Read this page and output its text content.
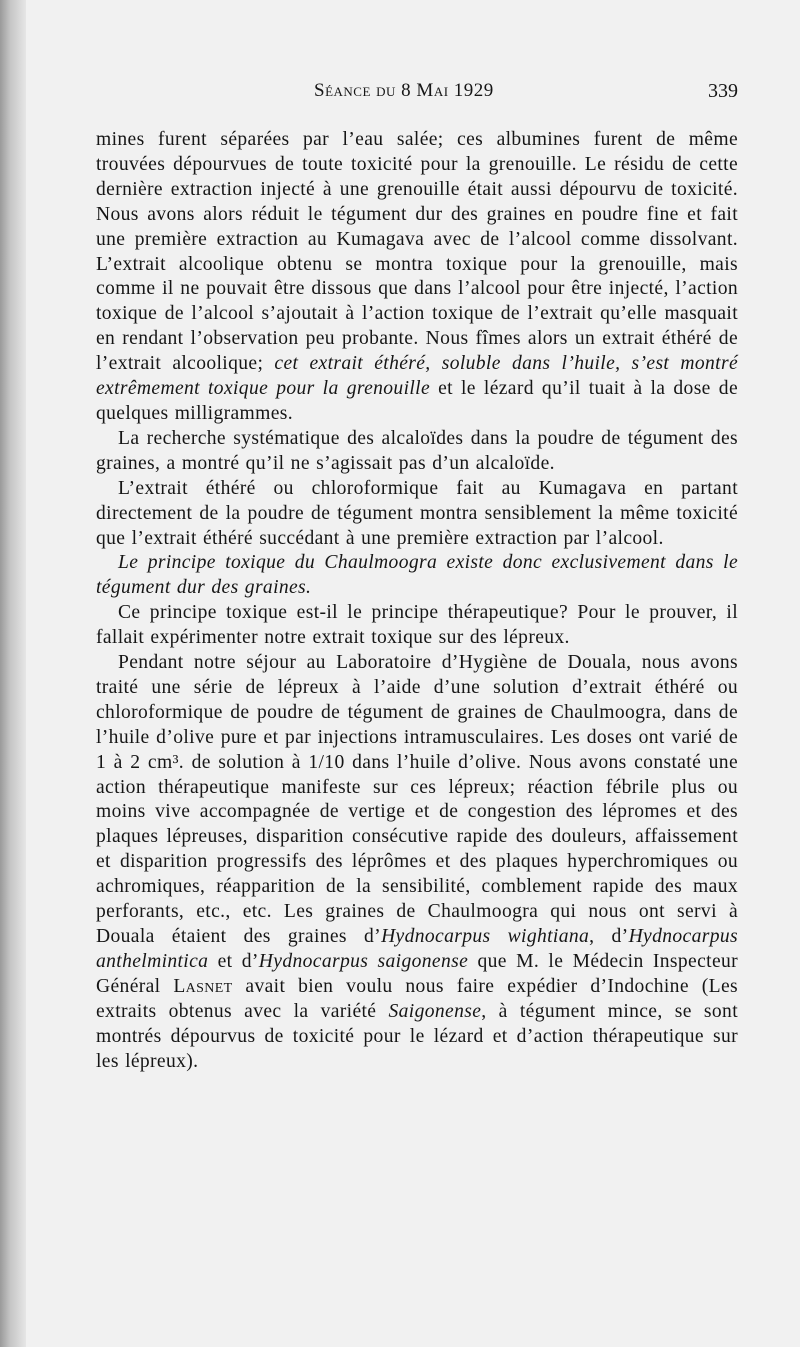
Séance du 8 Mai 1929	339

mines furent séparées par l’eau salée; ces albumines furent de même trouvées dépourvues de toute toxicité pour la grenouille. Le résidu de cette dernière extraction injecté à une grenouille était aussi dépourvu de toxicité. Nous avons alors réduit le tégument dur des graines en poudre fine et fait une première extraction au Kumagava avec de l’alcool comme dissolvant. L’extrait alcoolique obtenu se montra toxique pour la grenouille, mais comme il ne pouvait être dissous que dans l’alcool pour être injecté, l’action toxique de l’alcool s’ajoutait à l’action toxique de l’extrait qu’elle masquait en rendant l’observation peu probante. Nous fîmes alors un extrait éthéré de l’extrait alcoolique; cet extrait éthéré, soluble dans l’huile, s’est montré extrêmement toxique pour la grenouille et le lézard qu’il tuait à la dose de quelques milligrammes.

La recherche systématique des alcaloïdes dans la poudre de tégument des graines, a montré qu’il ne s’agissait pas d’un alcaloïde.

L’extrait éthéré ou chloroformique fait au Kumagava en partant directement de la poudre de tégument montra sensiblement la même toxicité que l’extrait éthéré succédant à une première extraction par l’alcool.

Le principe toxique du Chaulmoogra existe donc exclusivement dans le tégument dur des graines.

Ce principe toxique est-il le principe thérapeutique? Pour le prouver, il fallait expérimenter notre extrait toxique sur des lépreux.

Pendant notre séjour au Laboratoire d’Hygiène de Douala, nous avons traité une série de lépreux à l’aide d’une solution d’extrait éthéré ou chloroformique de poudre de tégument de graines de Chaulmoogra, dans de l’huile d’olive pure et par injections intramusculaires. Les doses ont varié de 1 à 2 cm³. de solution à 1/10 dans l’huile d’olive. Nous avons constaté une action thérapeutique manifeste sur ces lépreux; réaction fébrile plus ou moins vive accompagnée de vertige et de congestion des lépromes et des plaques lépreuses, disparition consécutive rapide des douleurs, affaissement et disparition progressifs des léprômes et des plaques hyperchromiques ou achromiques, réapparition de la sensibilité, comblement rapide des maux perforants, etc., etc. Les graines de Chaulmoogra qui nous ont servi à Douala étaient des graines d’Hydnocarpus wightiana, d’Hydnocarpus anthelmintica et d’Hydnocarpus saigonense que M. le Médecin Inspecteur Général Lasnet avait bien voulu nous faire expédier d’Indochine (Les extraits obtenus avec la variété Saigonense, à tégument mince, se sont montrés dépourvus de toxicité pour le lézard et d’action thérapeutique sur les lépreux).
